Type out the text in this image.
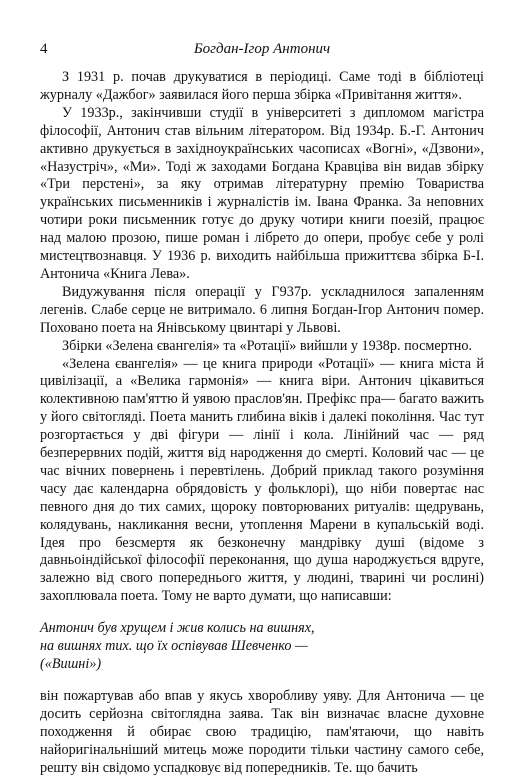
4	Богдан-Ігор Антонич

З 1931 р. почав друкуватися в періодиці. Саме тоді в бібліотеці журналу «Дажбог» заявилася його перша збірка «Привітання життя».

У 1933р., закінчивши студії в університеті з дипломом магістра філософії, Антонич став вільним літератором. Від 1934р. Б.-Г. Антонич активно друкується в західноукраїнських часописах «Вогні», «Дзвони», «Назустріч», «Ми». Тоді ж заходами Богдана Кравціва він видав збірку «Три перстені», за яку отримав літературну премію Товариства українських письменників і журналістів ім. Івана Франка. За неповних чотири роки письменник готує до друку чотири книги поезій, працює над малою прозою, пише роман і лібрето до опери, пробує себе у ролі мистецтвознавця. У 1936 р. виходить найбільша прижиттєва збірка Б-І. Антонича «Книга Лева».

Видужування після операції у Г937р. ускладнилося запаленням легенів. Слабе серце не витримало. 6 липня Богдан-Ігор Антонич помер. Поховано поета на Янівському цвинтарі у Львові.

Збірки «Зелена євангелія» та «Ротації» вийшли у 1938р. посмертно.

«Зелена євангелія» — це книга природи «Ротації» — книга міста й цивілізації, а «Велика гармонія» — книга віри. Антонич цікавиться колективною пам'яттю й уявою праслов'ян. Префікс пра— багато важить у його світогляді. Поета манить глибина віків і далекі покоління. Час тут розгортається у дві фігури — лінії і кола. Лінійний час — ряд безперервних подій, життя від народження до смерті. Коловий час — це час вічних повернень і перевтілень. Добрий приклад такого розуміння часу дає календарна обрядовість у фольклорі), що ніби повертає нас певного дня до тих самих, щороку повторюваних ритуалів: щедрувань, колядувань, накликання весни, утоплення Марени в купальській воді. Ідея про безсмертя як безконечну мандрівку душі (відоме з давньоіндійської філософії переконання, що душа народжується вдруге, залежно від свого попереднього життя, у людині, тварині чи рослині) захоплювала поета. Тому не варто думати, що написавши:

Антонич був хрущем і жив колись на вишнях,
на вишнях тих. що їх оспівував Шевченко —
(«Вишні»)

він пожартував або впав у якусь хворобливу уяву. Для Антонича — це досить серйозна світоглядна заява. Так він визначає власне духовне походження й обирає свою традицію, пам'ятаючи, що навіть найоригінальніший митець може породити тільки частину самого себе, решту він свідомо успадковує від попередників. Те. що бачить
